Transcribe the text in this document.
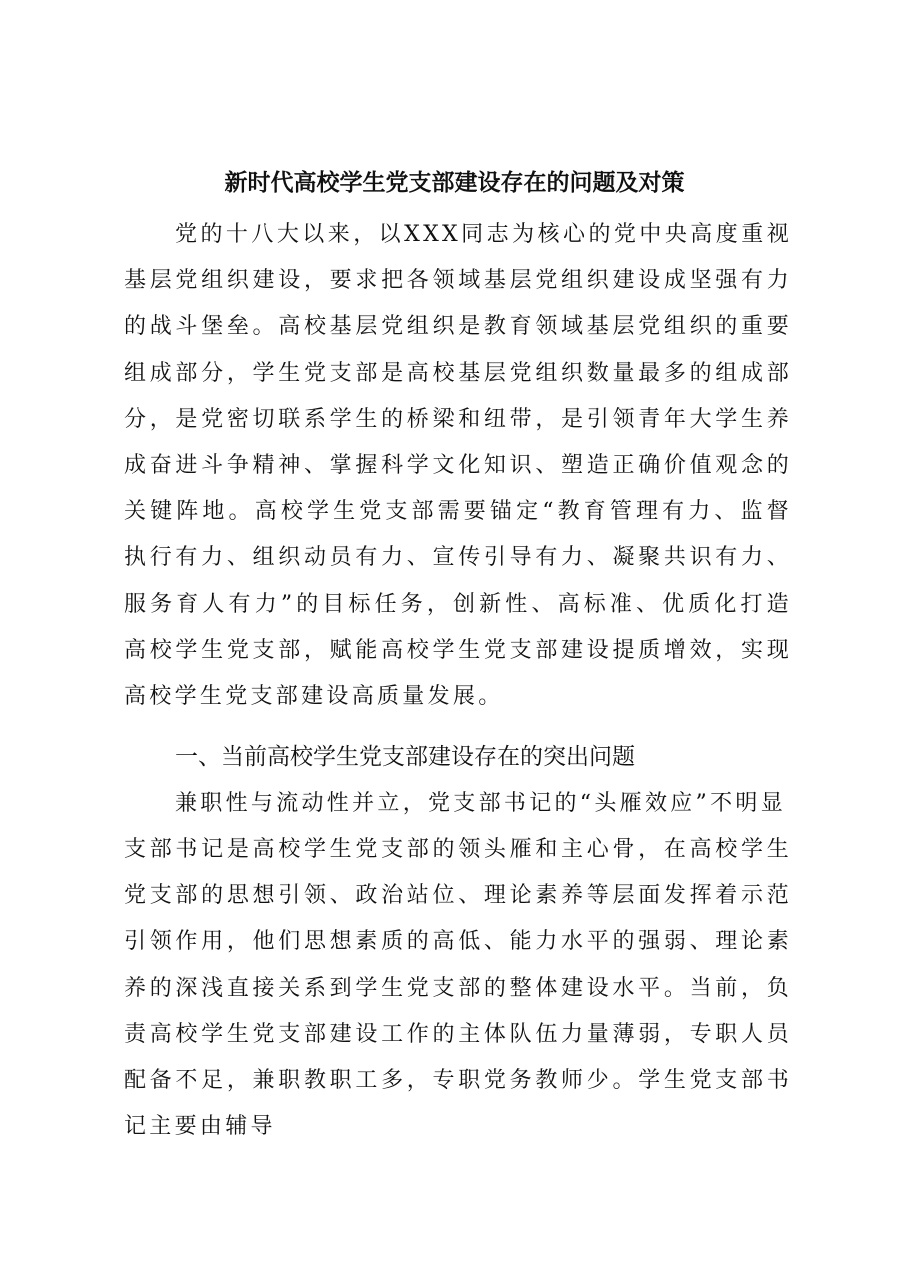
新时代高校学生党支部建设存在的问题及对策

党的十八大以来，以XXX同志为核心的党中央高度重视基层党组织建设，要求把各领域基层党组织建设成坚强有力的战斗堡垒。高校基层党组织是教育领域基层党组织的重要组成部分，学生党支部是高校基层党组织数量最多的组成部分，是党密切联系学生的桥梁和纽带，是引领青年大学生养成奋进斗争精神、掌握科学文化知识、塑造正确价值观念的关键阵地。高校学生党支部需要锚定“教育管理有力、监督执行有力、组织动员有力、宣传引导有力、凝聚共识有力、服务育人有力”的目标任务，创新性、高标准、优质化打造高校学生党支部，赋能高校学生党支部建设提质增效，实现高校学生党支部建设高质量发展。

一、当前高校学生党支部建设存在的突出问题

兼职性与流动性并立，党支部书记的“头雁效应”不明显

支部书记是高校学生党支部的领头雁和主心骨，在高校学生党支部的思想引领、政治站位、理论素养等层面发挥着示范引领作用，他们思想素质的高低、能力水平的强弱、理论素养的深浅直接关系到学生党支部的整体建设水平。当前，负责高校学生党支部建设工作的主体队伍力量薄弱，专职人员配备不足，兼职教职工多，专职党务教师少。学生党支部书记主要由辅导
